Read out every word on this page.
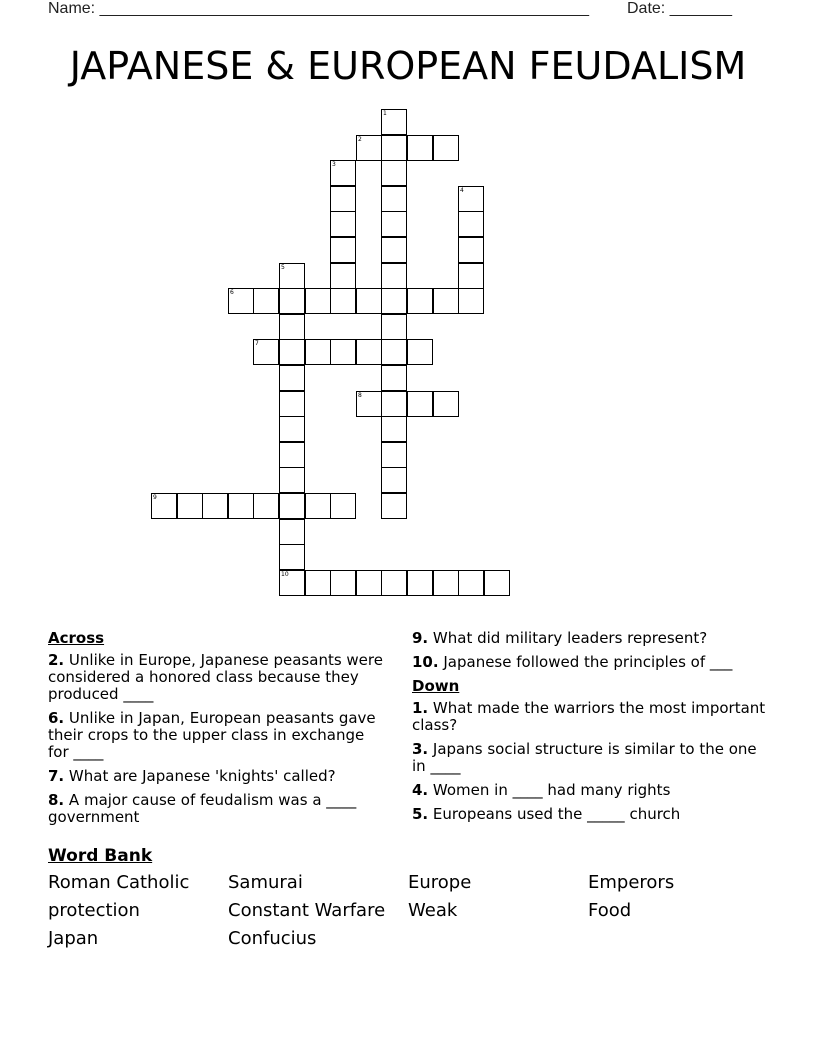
Name: _______________________________________________________ Date: _______
JAPANESE & EUROPEAN FEUDALISM
1
2
3
4
5
10
6
7
8
9
Across
2. Unlike in Europe, Japanese peasants were considered a honored class because they produced ____
6. Unlike in Japan, European peasants gave their crops to the upper class in exchange for ____
7. What are Japanese 'knights' called?
8. A major cause of feudalism was a ____ government
9. What did military leaders represent?
10. Japanese followed the principles of ___
Down
1. What made the warriors the most important class?
3. Japans social structure is similar to the one in ____
4. Women in ____ had many rights
5. Europeans used the _____ church
Word Bank
Roman Catholic	Samurai	Europe	Emperors
protection	Constant Warfare	Weak	Food
Japan	Confucius
